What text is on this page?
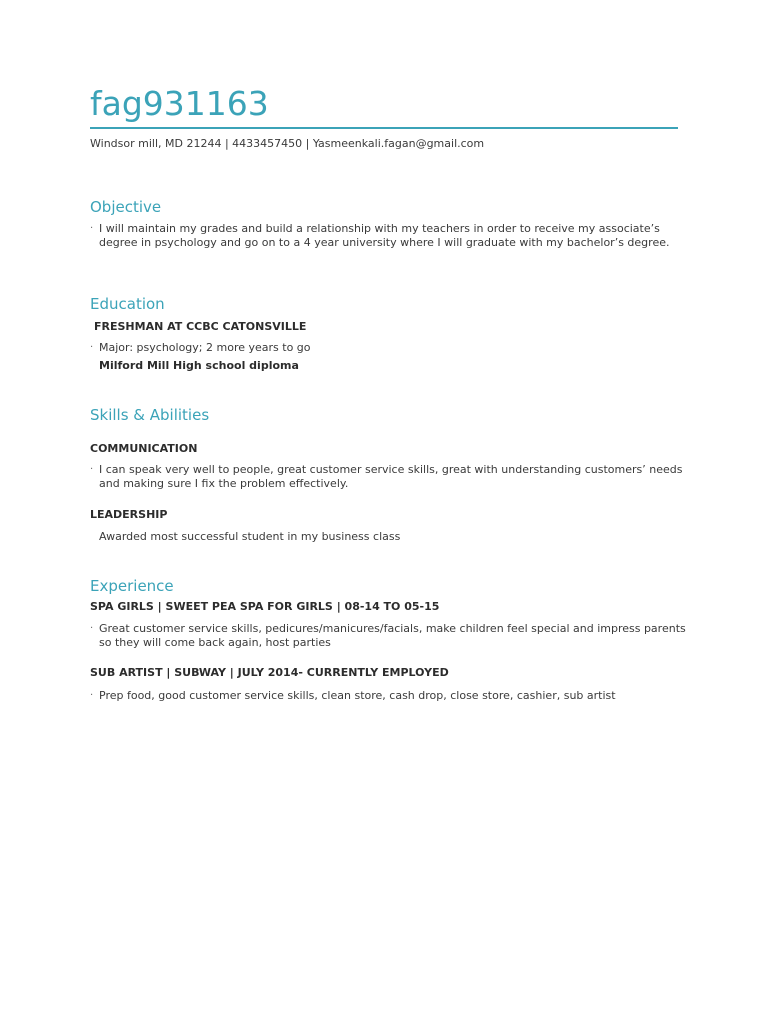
fag931163

Windsor mill, MD 21244 | 4433457450 | Yasmeenkali.fagan@gmail.com

Objective
· I will maintain my grades and build a relationship with my teachers in order to receive my associate’s degree in psychology and go on to a 4 year university where I will graduate with my bachelor’s degree.
Education

FRESHMAN AT CCBC CATONSVILLE

· Major: psychology; 2 more years to go

Milford Mill High school diploma

Skills & Abilities

COMMUNICATION

· I can speak very well to people, great customer service skills, great with understanding customers’ needs and making sure I fix the problem effectively.

LEADERSHIP

Awarded most successful student in my business class

Experience

SPA GIRLS | SWEET PEA SPA FOR GIRLS | 08-14 TO 05-15

· Great customer service skills, pedicures/manicures/facials, make children feel special and impress parents so they will come back again, host parties

SUB ARTIST | SUBWAY | JULY 2014- CURRENTLY EMPLOYED

· Prep food, good customer service skills, clean store, cash drop, close store, cashier, sub artist
